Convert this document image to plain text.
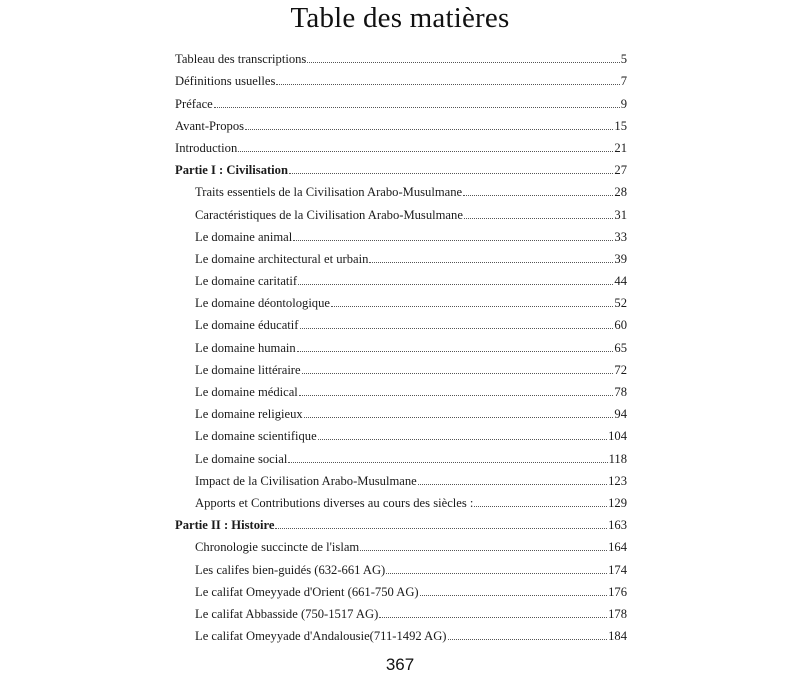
Table des matières
Tableau des transcriptions	5
Définitions usuelles	7
Préface	9
Avant-Propos	15
Introduction	21
Partie I : Civilisation	27
Traits essentiels de la Civilisation Arabo-Musulmane	28
Caractéristiques de la Civilisation Arabo-Musulmane	31
Le domaine animal	33
Le domaine architectural et urbain	39
Le domaine caritatif	44
Le domaine déontologique	52
Le domaine éducatif	60
Le domaine humain	65
Le domaine littéraire	72
Le domaine médical	78
Le domaine religieux	94
Le domaine scientifique	104
Le domaine social	118
Impact de la Civilisation Arabo-Musulmane	123
Apports et Contributions diverses au cours des siècles :	129
Partie II : Histoire	163
Chronologie succincte de l'islam	164
Les califes bien-guidés (632-661 AG)	174
Le califat Omeyyade d'Orient (661-750 AG)	176
Le califat Abbasside (750-1517 AG)	178
Le califat Omeyyade d'Andalousie(711-1492 AG)	184
367
